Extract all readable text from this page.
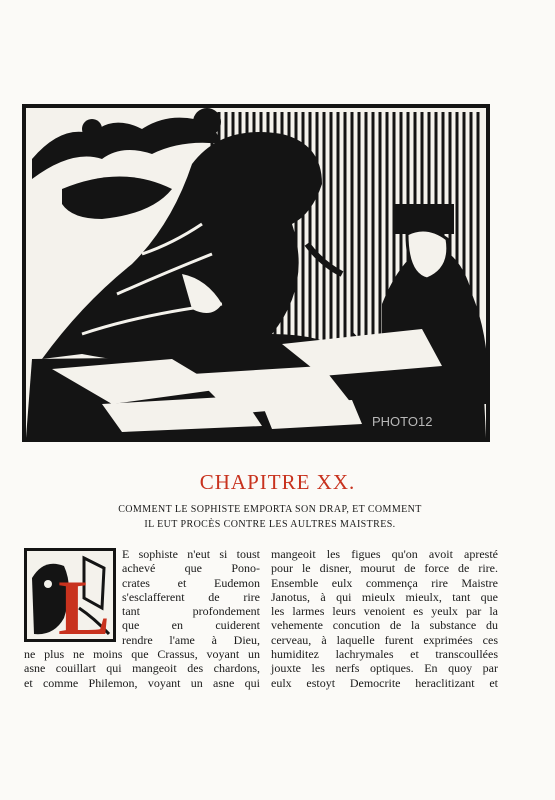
PHOTO12
CHAPITRE XX.
COMMENT LE SOPHISTE EMPORTA SON DRAP, ET COMMENT
IL EUT PROCÈS CONTRE LES AULTRES MAISTRES.
L
E sophiste n'eut si toust
achevé que Pono-
crates et Eudemon
s'esclafferent de rire
tant profondement
que en cuiderent
rendre l'ame à Dieu,
ne plus ne moins que Crassus, voyant un
asne couillart qui mangeoit des chardons,
et comme Philemon, voyant un asne qui
mangeoit les figues qu'on avoit apresté
pour le disner, mourut de force de rire.
Ensemble eulx commença rire Maistre
Janotus, à qui mieulx mieulx, tant que
les larmes leurs venoient es yeulx par la
vehemente concution de la substance du
cerveau, à laquelle furent exprimées ces
humiditez lachrymales et transcoullées
jouxte les nerfs optiques. En quoy par
eulx estoyt Democrite heraclitizant et
